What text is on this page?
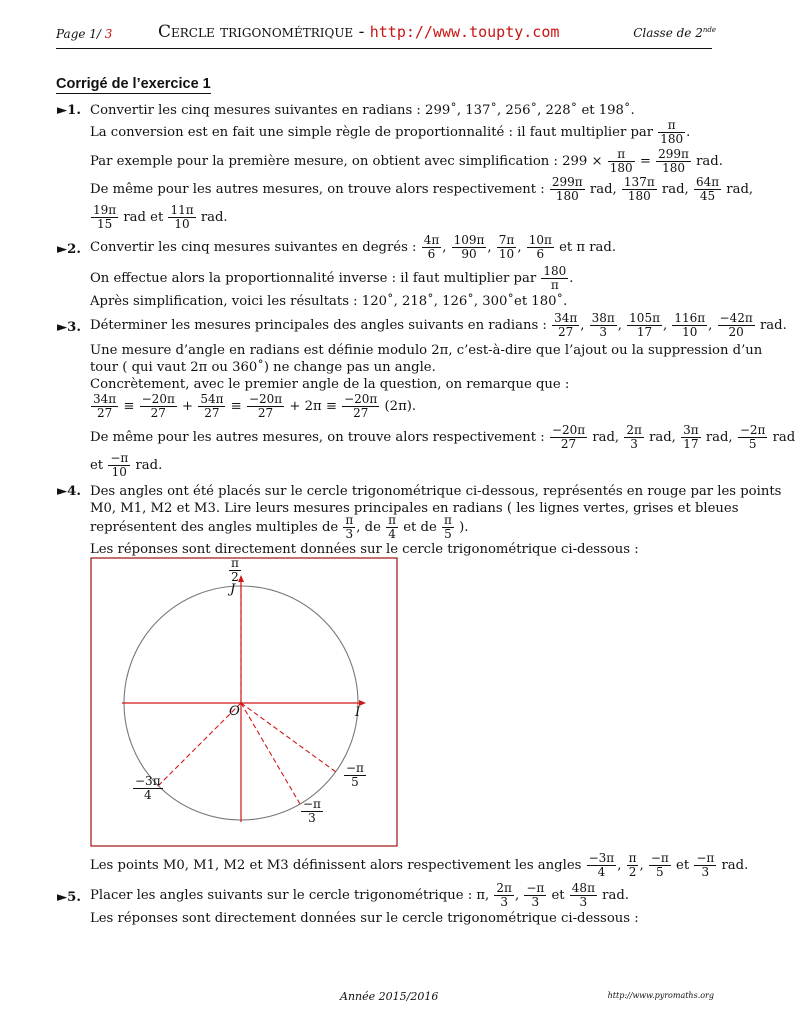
Page 1/ 3	Cercle trigonométrique - http://www.toupty.com	Classe de 2nde
Corrigé de l’exercice 1
►1. Convertir les cinq mesures suivantes en radians : 299˚, 137˚, 256˚, 228˚ et 198˚.
La conversion est en fait une simple règle de proportionnalité : il faut multiplier par
$\frac{\pi}{180}$ .
Par exemple pour la première mesure, on obtient avec simplification : 299 ×
$\frac{\pi}{180}$
=
$\frac{299\pi}{180}$
rad.
De même pour les autres mesures, on trouve alors respectivement :
$\frac{299\pi}{180}$
rad,
$\frac{137\pi}{180}$
rad,
$\frac{64\pi}{45}$
rad,
$\frac{19\pi}{15}$
rad et
$\frac{11\pi}{10}$
rad.
►2. Convertir les cinq mesures suivantes en degrés :
$\frac{4\pi}{6}$ , $\frac{109\pi}{90}$ , $\frac{7\pi}{10}$ , $\frac{10\pi}{6}$
et π rad.
On effectue alors la proportionnalité inverse : il faut multiplier par
$\frac{180}{\pi}$ .
Après simplification, voici les résultats : 120˚, 218˚, 126˚, 300˚et 180˚.
►3. Déterminer les mesures principales des angles suivants en radians :
$\frac{34\pi}{27}$ , $\frac{38\pi}{3}$ , $\frac{105\pi}{17}$ , $\frac{116\pi}{10}$ , $\frac{-42\pi}{20}$
rad.
Une mesure d’angle en radians est définie modulo 2π, c’est-à-dire que l’ajout ou la suppression d’un
tour ( qui vaut 2π ou 360˚) ne change pas un angle.
Concrètement, avec le premier angle de la question, on remarque que :
$\frac{34\pi}{27}$
≡
$\frac{-20\pi}{27}$
+
$\frac{54\pi}{27}$
≡
$\frac{-20\pi}{27}$
+ 2π ≡
$\frac{-20\pi}{27}$
(2π).
De même pour les autres mesures, on trouve alors respectivement :
$\frac{-20\pi}{27}$
rad,
$\frac{2\pi}{3}$
rad,
$\frac{3\pi}{17}$
rad,
$\frac{-2\pi}{5}$
rad
et
$\frac{-\pi}{10}$
rad.
►4. Des angles ont été placés sur le cercle trigonométrique ci-dessous, représentés en rouge par les points
M0, M1, M2 et M3. Lire leurs mesures principales en radians ( les lignes vertes, grises et bleues
représentent des angles multiples de
$\frac{\pi}{3}$ , de
$\frac{\pi}{4}$
et de
$\frac{\pi}{5}$
).
Les réponses sont directement données sur le cercle trigonométrique ci-dessous :
$\frac{\pi}{2}$
J
O	I
$\frac{-3\pi}{4}$
$\frac{-\pi}{3}$
$\frac{-\pi}{5}$
Les points M0, M1, M2 et M3 définissent alors respectivement les angles
$\frac{-3\pi}{4}$ , $\frac{\pi}{2}$ , $\frac{-\pi}{5}$
et
$\frac{-\pi}{3}$
rad.
►5. Placer les angles suivants sur le cercle trigonométrique : π,
$\frac{2\pi}{3}$ , $\frac{-\pi}{3}$
et
$\frac{48\pi}{3}$
rad.
Les réponses sont directement données sur le cercle trigonométrique ci-dessous :
Année 2015/2016	http://www.pyromaths.org
